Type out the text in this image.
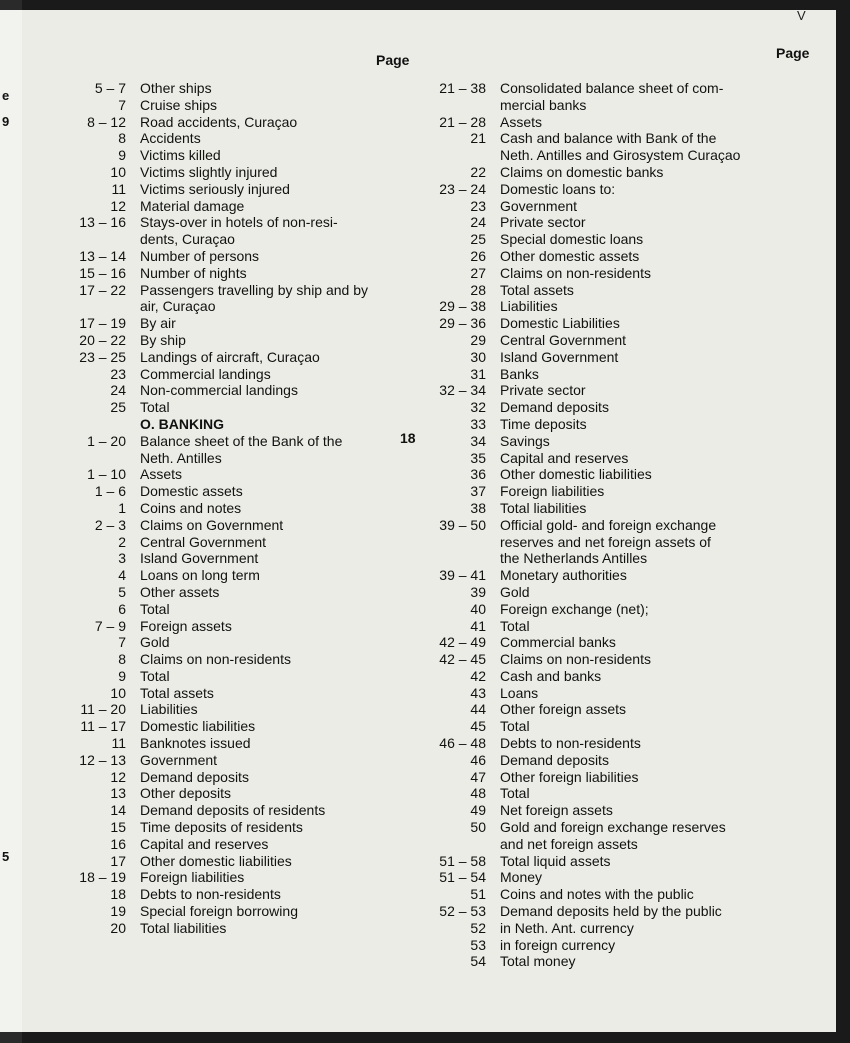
e
9
5
V
Page	Page
5 – 7	Other ships
7	Cruise ships
8 – 12	Road accidents, Curaçao
8	Accidents
9	Victims killed
10	Victims slightly injured
11	Victims seriously injured
12	Material damage
13 – 16	Stays-over in hotels of non-resi-
dents, Curaçao
13 – 14	Number of persons
15 – 16	Number of nights
17 – 22	Passengers travelling by ship and by
air, Curaçao
17 – 19	By air
20 – 22	By ship
23 – 25	Landings of aircraft, Curaçao
23	Commercial landings
24	Non-commercial landings
25	Total
O. BANKING
1 – 20	Balance sheet of the Bank of the
Neth. Antilles
1 – 10	Assets
1 – 6	Domestic assets
1	Coins and notes
2 – 3	Claims on Government
2	Central Government
3	Island Government
4	Loans on long term
5	Other assets
6	Total
7 – 9	Foreign assets
7	Gold
8	Claims on non-residents
9	Total
10	Total assets
11 – 20	Liabilities
11 – 17	Domestic liabilities
11	Banknotes issued
12 – 13	Government
12	Demand deposits
13	Other deposits
14	Demand deposits of residents
15	Time deposits of residents
16	Capital and reserves
17	Other domestic liabilities
18 – 19	Foreign liabilities
18	Debts to non-residents
19	Special foreign borrowing
20	Total liabilities
21 – 38	Consolidated balance sheet of com-
mercial banks
21 – 28	Assets
21	Cash and balance with Bank of the
Neth. Antilles and Girosystem Curaçao
22	Claims on domestic banks
23 – 24	Domestic loans to:
23	Government
24	Private sector
25	Special domestic loans
26	Other domestic assets
27	Claims on non-residents
28	Total assets
29 – 38	Liabilities
29 – 36	Domestic Liabilities
29	Central Government
30	Island Government
31	Banks
32 – 34	Private sector
32	Demand deposits
33	Time deposits
34	Savings
35	Capital and reserves
36	Other domestic liabilities
37	Foreign liabilities
38	Total liabilities
39 – 50	Official gold- and foreign exchange
reserves and net foreign assets of
the Netherlands Antilles
39 – 41	Monetary authorities
39	Gold
40	Foreign exchange (net);
41	Total
42 – 49	Commercial banks
42 – 45	Claims on non-residents
42	Cash and banks
43	Loans
44	Other foreign assets
45	Total
46 – 48	Debts to non-residents
46	Demand deposits
47	Other foreign liabilities
48	Total
49	Net foreign assets
50	Gold and foreign exchange reserves
and net foreign assets
51 – 58	Total liquid assets
51 – 54	Money
51	Coins and notes with the public
52 – 53	Demand deposits held by the public
52	in Neth. Ant. currency
53	in foreign currency
54	Total money
18
